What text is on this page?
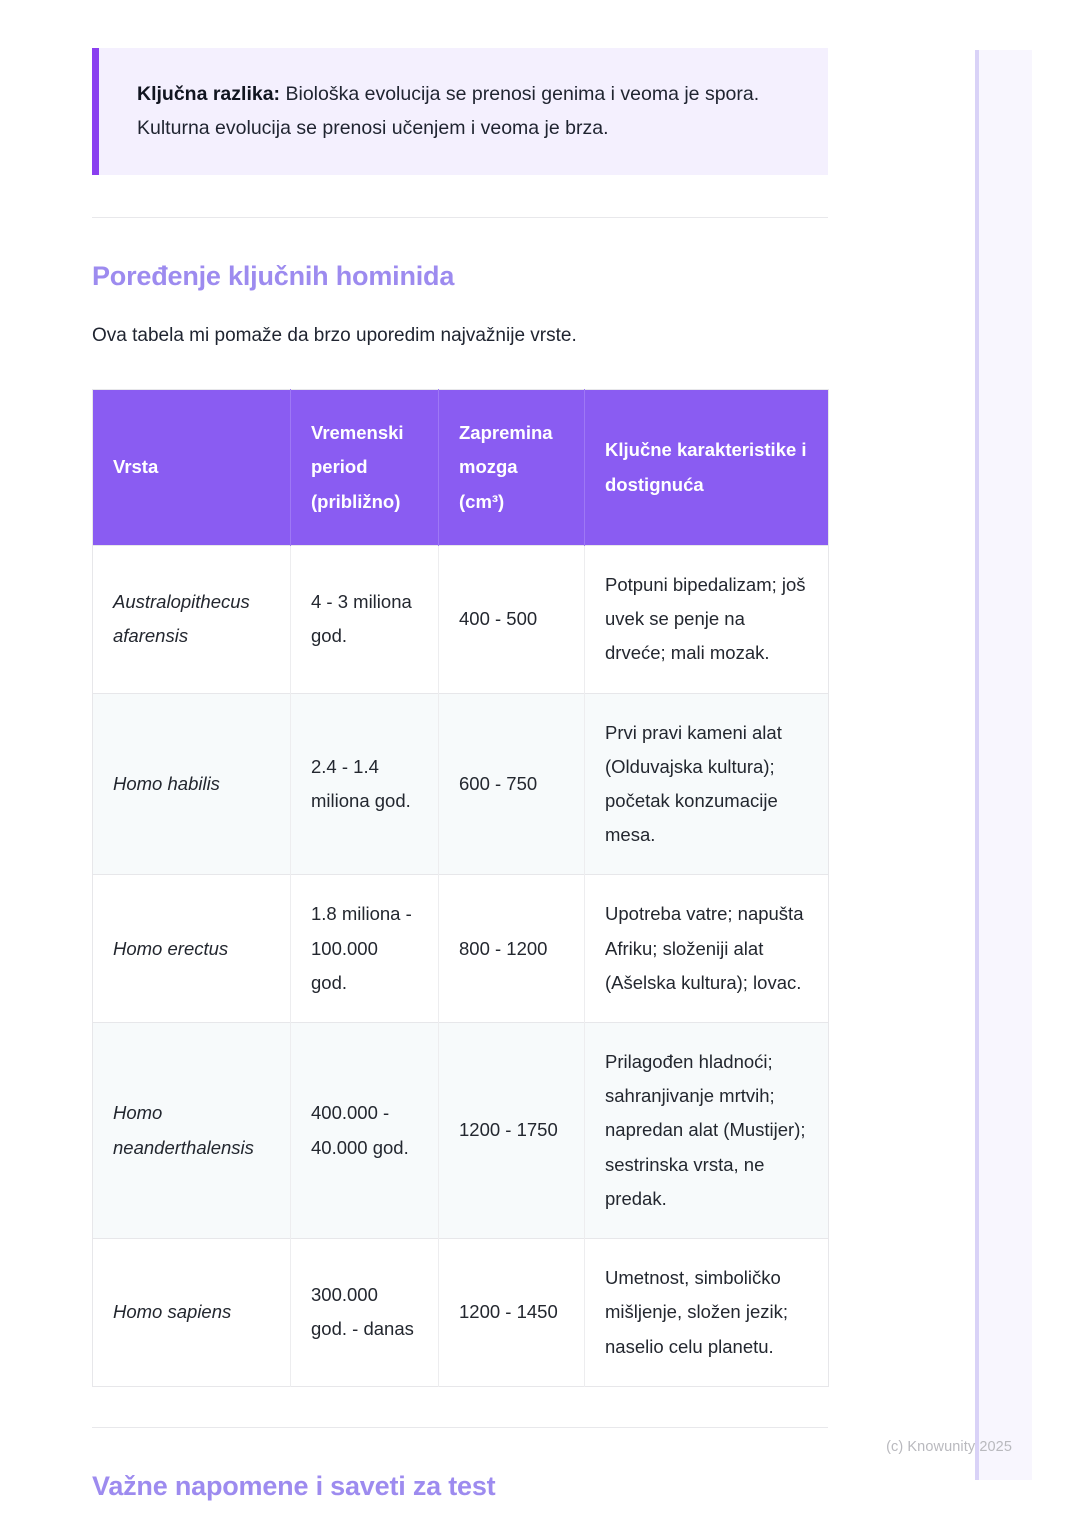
Ključna razlika: Biološka evolucija se prenosi genima i veoma je spora. Kulturna evolucija se prenosi učenjem i veoma je brza.

Poređenje ključnih hominida

Ova tabela mi pomaže da brzo uporedim najvažnije vrste.

Vrsta	Vremenski period (približno)	Zapremina mozga (cm³)	Ključne karakteristike i dostignuća
Australopithecus afarensis	4 - 3 miliona god.	400 - 500	Potpuni bipedalizam; još uvek se penje na drveće; mali mozak.
Homo habilis	2.4 - 1.4 miliona god.	600 - 750	Prvi pravi kameni alat (Olduvajska kultura); početak konzumacije mesa.
Homo erectus	1.8 miliona - 100.000 god.	800 - 1200	Upotreba vatre; napušta Afriku; složeniji alat (Ašelska kultura); lovac.
Homo neanderthalensis	400.000 - 40.000 god.	1200 - 1750	Prilagođen hladnoći; sahranjivanje mrtvih; napredan alat (Mustijer); sestrinska vrsta, ne predak.
Homo sapiens	300.000 god. - danas	1200 - 1450	Umetnost, simboličko mišljenje, složen jezik; naselio celu planetu.
Važne napomene i saveti za test
(c) Knowunity 2025
